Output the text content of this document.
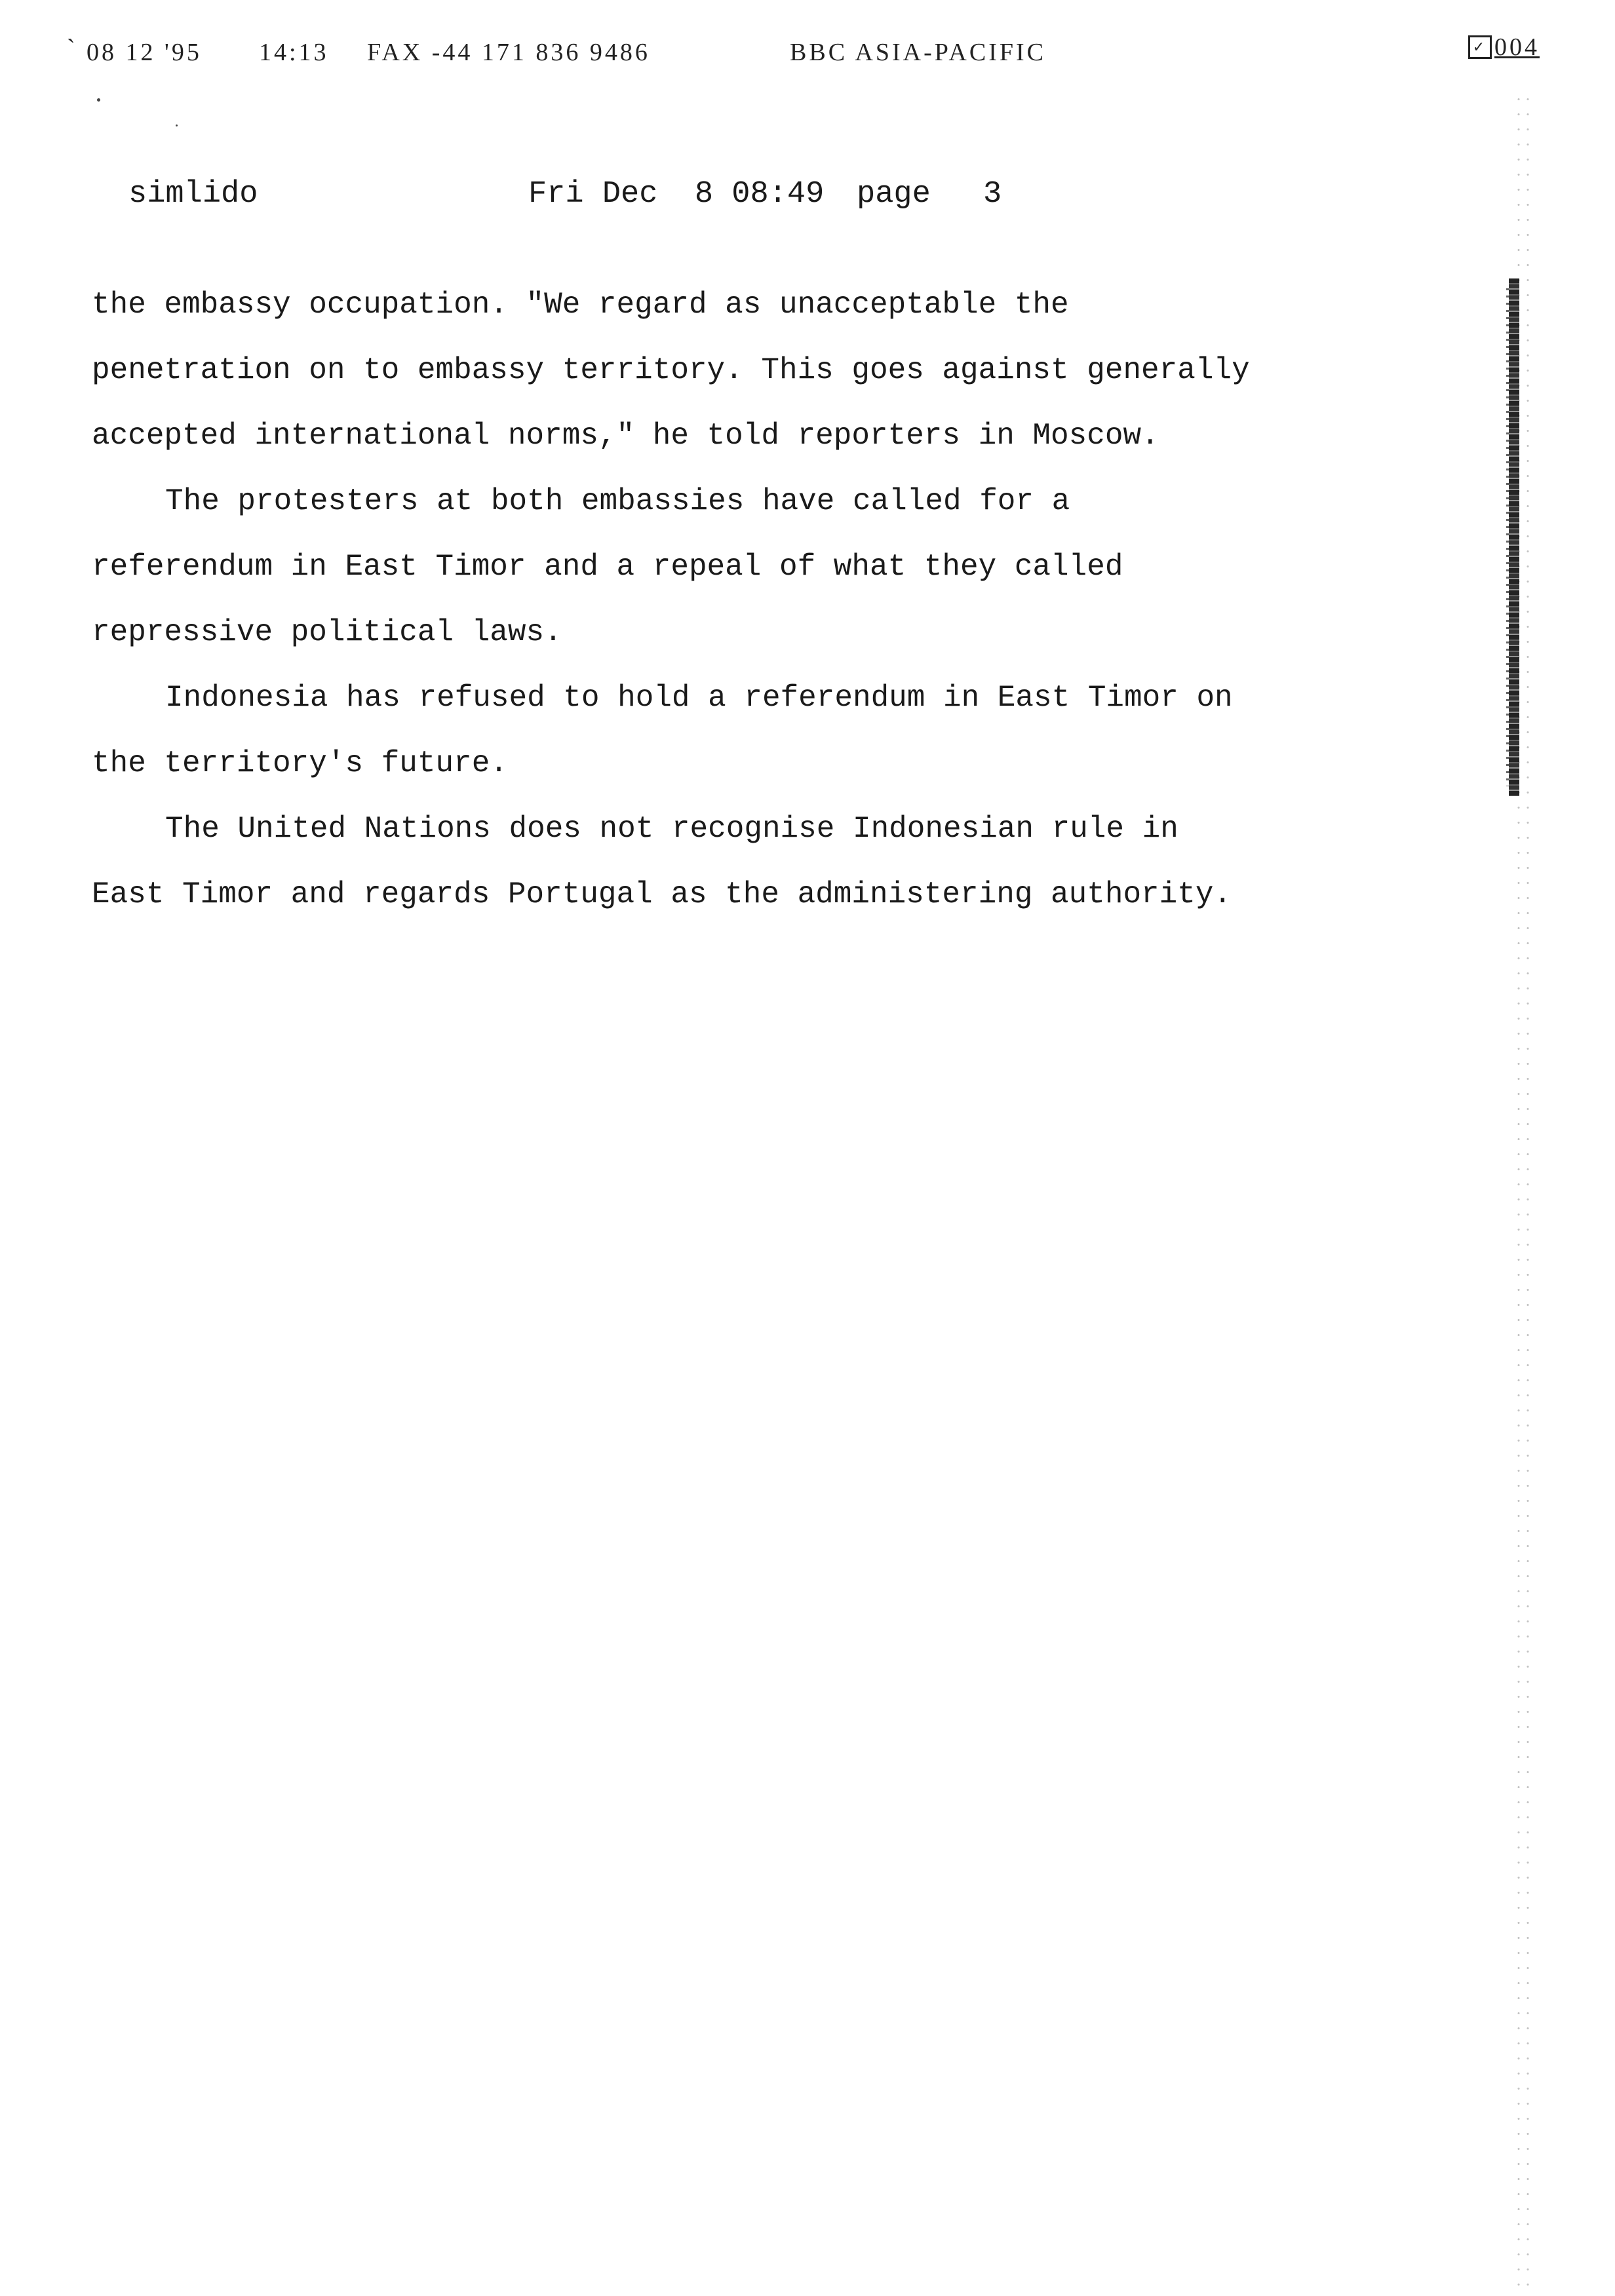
` 08 12 '95 14:13 FAX -44 171 836 9486	BBC ASIA-PACIFIC	✓ 004
simlido	Fri Dec  8 08:49 page 3
the embassy occupation. "We regard as unacceptable the
penetration on to embassy territory. This goes against generally
accepted international norms," he told reporters in Moscow.
The protesters at both embassies have called for a
referendum in East Timor and a repeal of what they called
repressive political laws.
Indonesia has refused to hold a referendum in East Timor on
the territory's future.
The United Nations does not recognise Indonesian rule in
East Timor and regards Portugal as the administering authority.
